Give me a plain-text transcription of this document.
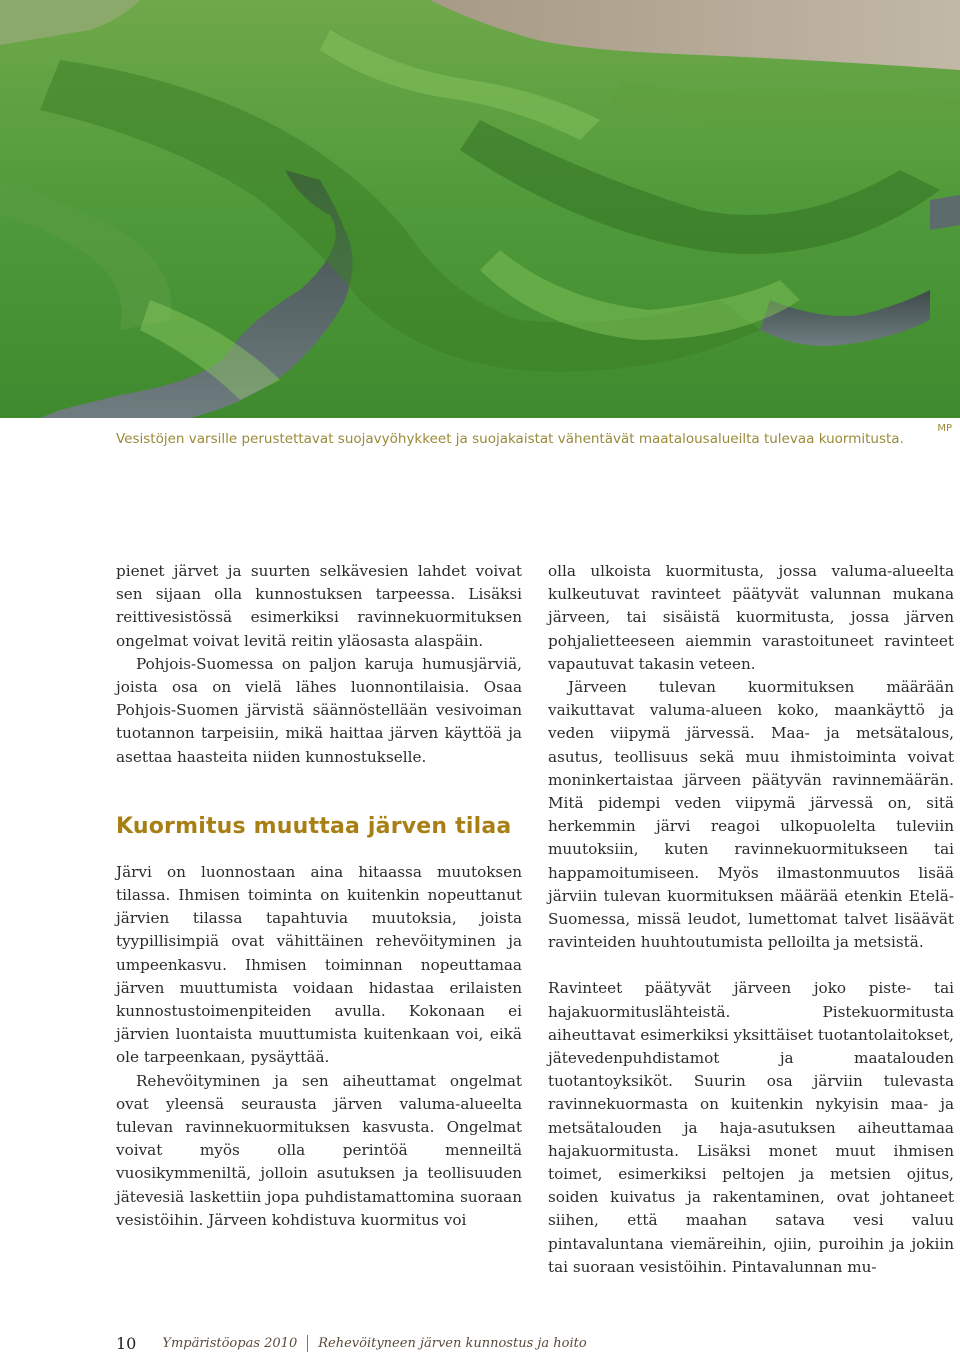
Vesistöjen varsille perustettavat suojavyöhykkeet ja suojakaistat vähentävät maatalousalueilta tulevaa kuormitusta.
MP

pienet järvet ja suurten selkävesien lahdet voivat sen sijaan olla kunnostuksen tarpeessa. Lisäksi reittivesistössä esimerkiksi ravinnekuormituksen ongelmat voivat levitä reitin yläosasta alaspäin.

Pohjois-Suomessa on paljon karuja humusjärviä, joista osa on vielä lähes luonnontilaisia. Osaa Pohjois-Suomen järvistä säännöstellään vesivoiman tuotannon tarpeisiin, mikä haittaa järven käyttöä ja asettaa haasteita niiden kunnostukselle.

Kuormitus muuttaa järven tilaa

Järvi on luonnostaan aina hitaassa muutoksen tilassa. Ihmisen toiminta on kuitenkin nopeuttanut järvien tilassa tapahtuvia muutoksia, joista tyypillisimpiä ovat vähittäinen rehevöityminen ja umpeenkasvu. Ihmisen toiminnan nopeuttamaa järven muuttumista voidaan hidastaa erilaisten kunnostustoimenpiteiden avulla. Kokonaan ei järvien luontaista muuttumista kuitenkaan voi, eikä ole tarpeenkaan, pysäyttää.

Rehevöityminen ja sen aiheuttamat ongelmat ovat yleensä seurausta järven valuma-alueelta tulevan ravinnekuormituksen kasvusta. Ongelmat voivat myös olla perintöä menneiltä vuosikymmeniltä, jolloin asutuksen ja teollisuuden jätevesiä laskettiin jopa puhdistamattomina suoraan vesistöihin. Järveen kohdistuva kuormitus voi

olla ulkoista kuormitusta, jossa valuma-alueelta kulkeutuvat ravinteet päätyvät valunnan mukana järveen, tai sisäistä kuormitusta, jossa järven pohjalietteeseen aiemmin varastoituneet ravinteet vapautuvat takasin veteen.

Järveen tulevan kuormituksen määrään vaikuttavat valuma-alueen koko, maankäyttö ja veden viipymä järvessä. Maa- ja metsätalous, asutus, teollisuus sekä muu ihmistoiminta voivat moninkertaistaa järveen päätyvän ravinnemäärän. Mitä pidempi veden viipymä järvessä on, sitä herkemmin järvi reagoi ulkopuolelta tuleviin muutoksiin, kuten ravinnekuormitukseen tai happamoitumiseen. Myös ilmastonmuutos lisää järviin tulevan kuormituksen määrää etenkin Etelä-Suomessa, missä leudot, lumettomat talvet lisäävät ravinteiden huuhtoutumista pelloilta ja metsistä.

Ravinteet päätyvät järveen joko piste- tai hajakuormituslähteistä. Pistekuormitusta aiheuttavat esimerkiksi yksittäiset tuotantolaitokset, jätevedenpuhdistamot ja maatalouden tuotantoyksiköt. Suurin osa järviin tulevasta ravinnekuormasta on kuitenkin nykyisin maa- ja metsätalouden ja haja-asutuksen aiheuttamaa hajakuormitusta. Lisäksi monet muut ihmisen toimet, esimerkiksi peltojen ja metsien ojitus, soiden kuivatus ja rakentaminen, ovat johtaneet siihen, että maahan satava vesi valuu pintavaluntana viemäreihin, ojiin, puroihin ja jokiin tai suoraan vesistöihin. Pintavalunnan mu-

10 Ympäristöopas 2010 Rehevöityneen järven kunnostus ja hoito
